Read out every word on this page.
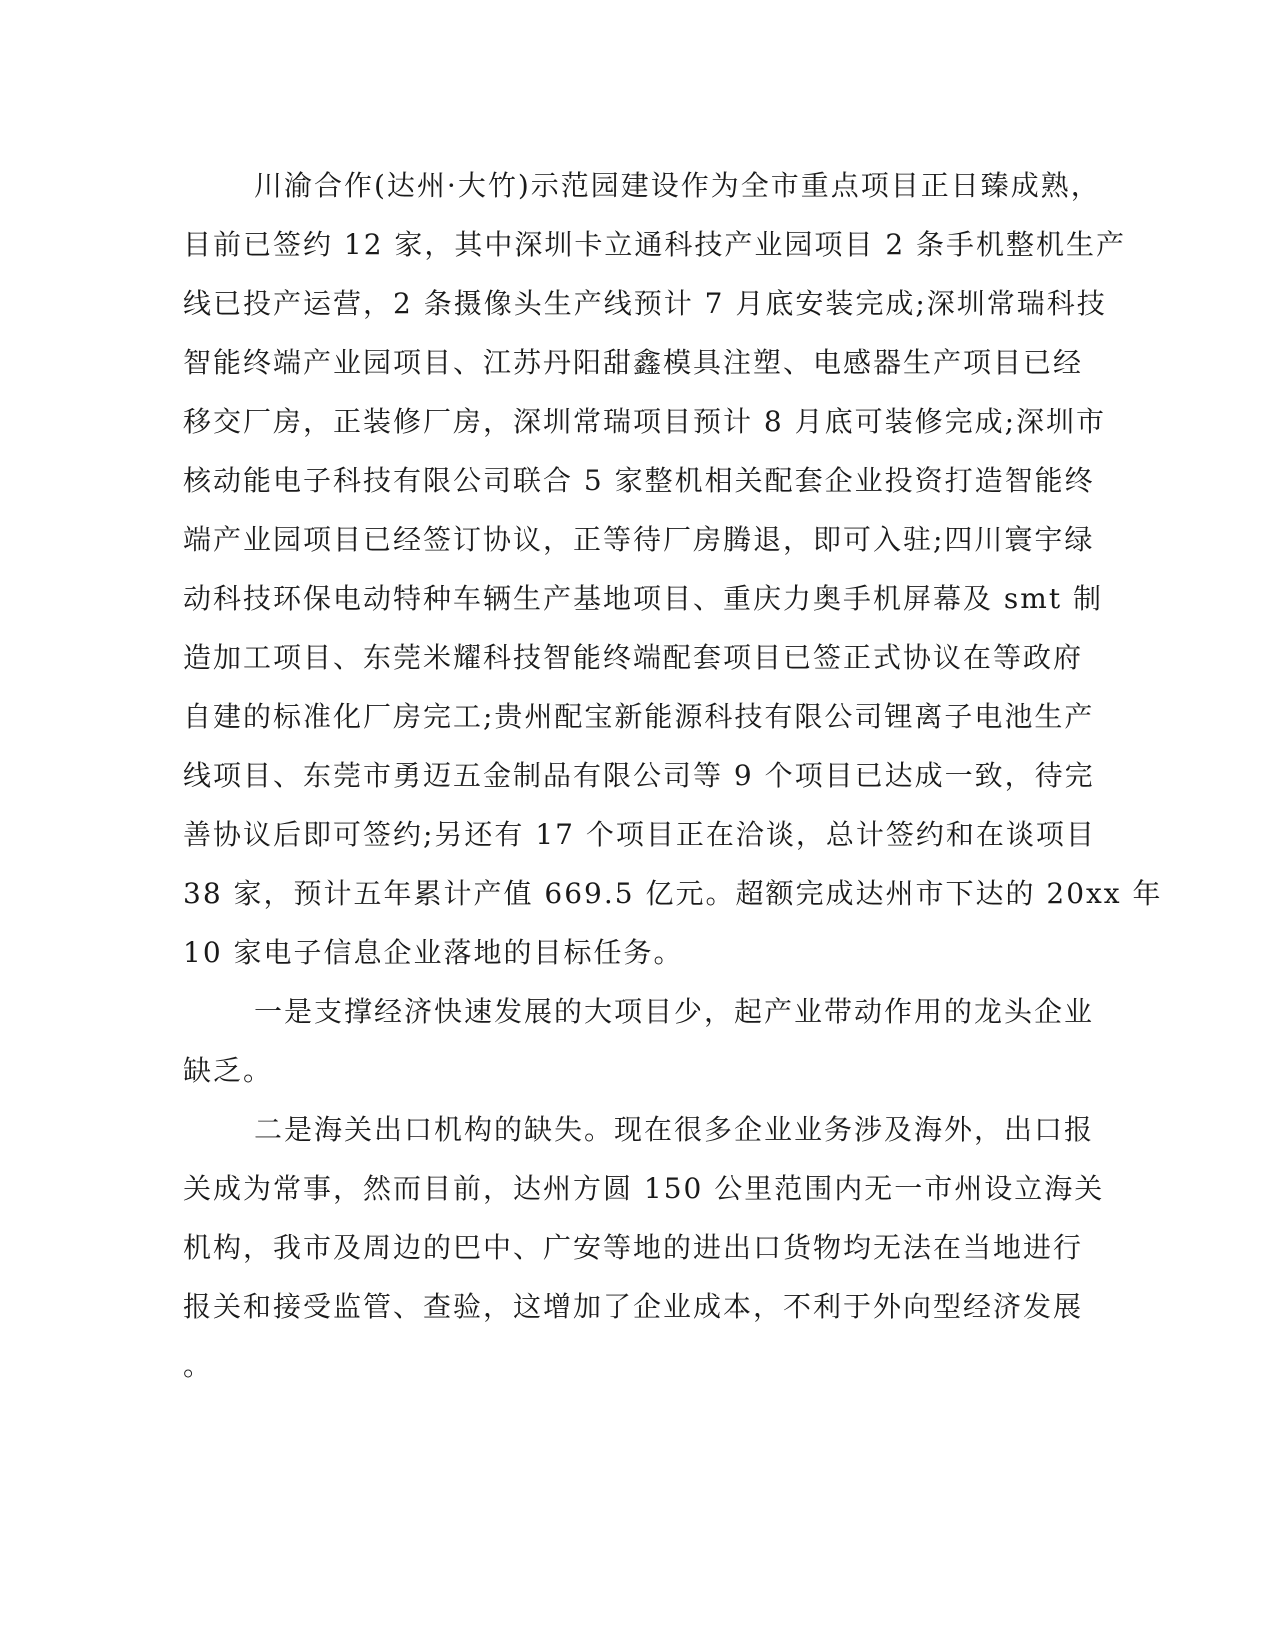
川渝合作(达州·大竹)示范园建设作为全市重点项目正日臻成熟，
目前已签约 12 家，其中深圳卡立通科技产业园项目 2 条手机整机生产
线已投产运营，2 条摄像头生产线预计 7 月底安装完成;深圳常瑞科技
智能终端产业园项目、江苏丹阳甜鑫模具注塑、电感器生产项目已经
移交厂房，正装修厂房，深圳常瑞项目预计 8 月底可装修完成;深圳市
核动能电子科技有限公司联合 5 家整机相关配套企业投资打造智能终
端产业园项目已经签订协议，正等待厂房腾退，即可入驻;四川寰宇绿
动科技环保电动特种车辆生产基地项目、重庆力奥手机屏幕及 smt 制
造加工项目、东莞米耀科技智能终端配套项目已签正式协议在等政府
自建的标准化厂房完工;贵州配宝新能源科技有限公司锂离子电池生产
线项目、东莞市勇迈五金制品有限公司等 9 个项目已达成一致，待完
善协议后即可签约;另还有 17 个项目正在洽谈，总计签约和在谈项目
38 家，预计五年累计产值 669.5 亿元。超额完成达州市下达的 20xx 年
10 家电子信息企业落地的目标任务。
一是支撑经济快速发展的大项目少，起产业带动作用的龙头企业
缺乏。
二是海关出口机构的缺失。现在很多企业业务涉及海外，出口报
关成为常事，然而目前，达州方圆 150 公里范围内无一市州设立海关
机构，我市及周边的巴中、广安等地的进出口货物均无法在当地进行
报关和接受监管、查验，这增加了企业成本，不利于外向型经济发展
。
